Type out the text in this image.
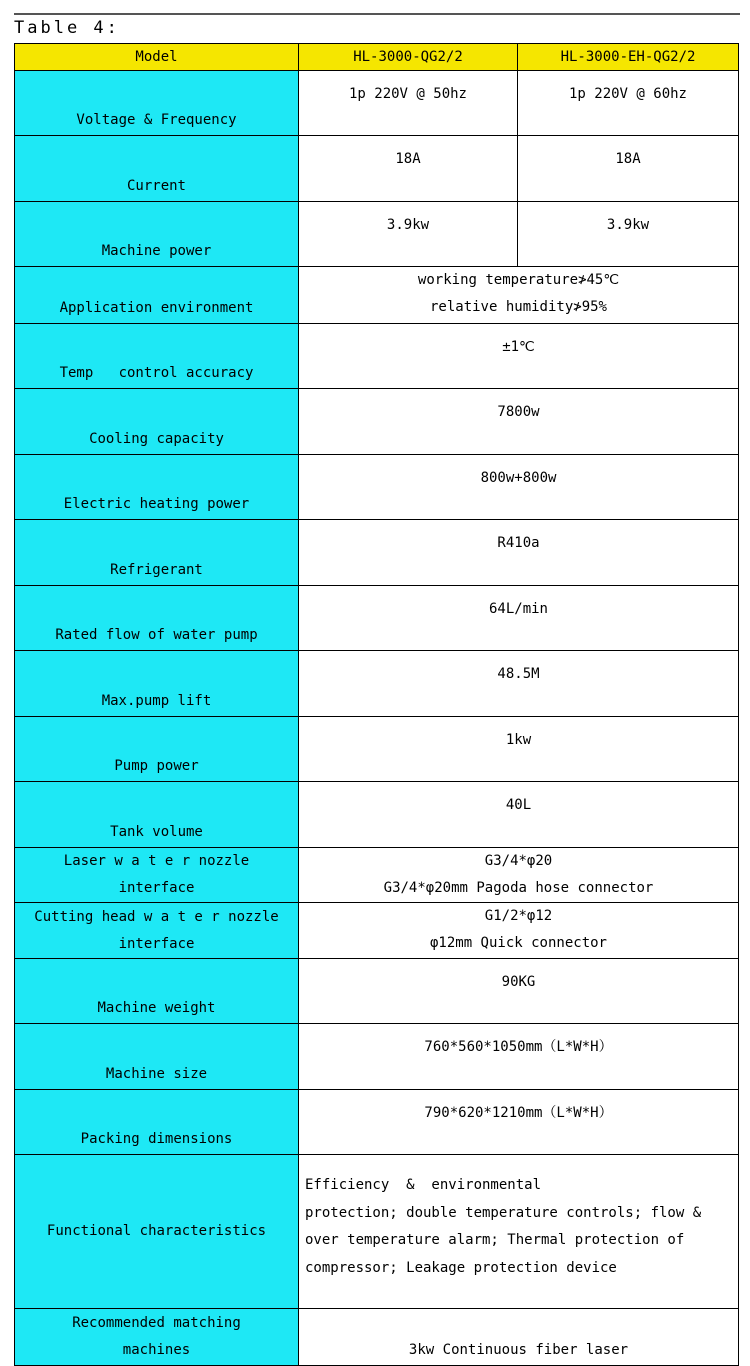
Table 4:
Model	HL-3000-QG2/2	HL-3000-EH-QG2/2
Voltage & Frequency	1p 220V @ 50hz	1p 220V @ 60hz
Current	18A	18A
Machine power	3.9kw	3.9kw
Application environment	working temperature≯45℃
relative humidity≯95%	

Temp   control accuracy	±1℃	
Cooling capacity	7800w	
Electric heating power	800w+800w	
Refrigerant	R410a	
Rated flow of water pump	64L/min	
Max.pump lift	48.5M	
Pump power	1kw	
Tank volume	40L	

Laser w a t e r nozzle
interface	G3/4*φ20
G3/4*φ20mm Pagoda hose connector	

Cutting head w a t e r nozzle
interface	G1/2*φ12
φ12mm Quick connector	

Machine weight	90KG	
Machine size	760*560*1050mm（L*W*H）	
Packing dimensions	790*620*1210mm（L*W*H）	
Functional characteristics	Efficiency  &  environmental
protection; double temperature controls; flow &
over temperature alarm; Thermal protection of
compressor; Leakage protection device	

Recommended matching
machines	3kw Continuous fiber laser	
